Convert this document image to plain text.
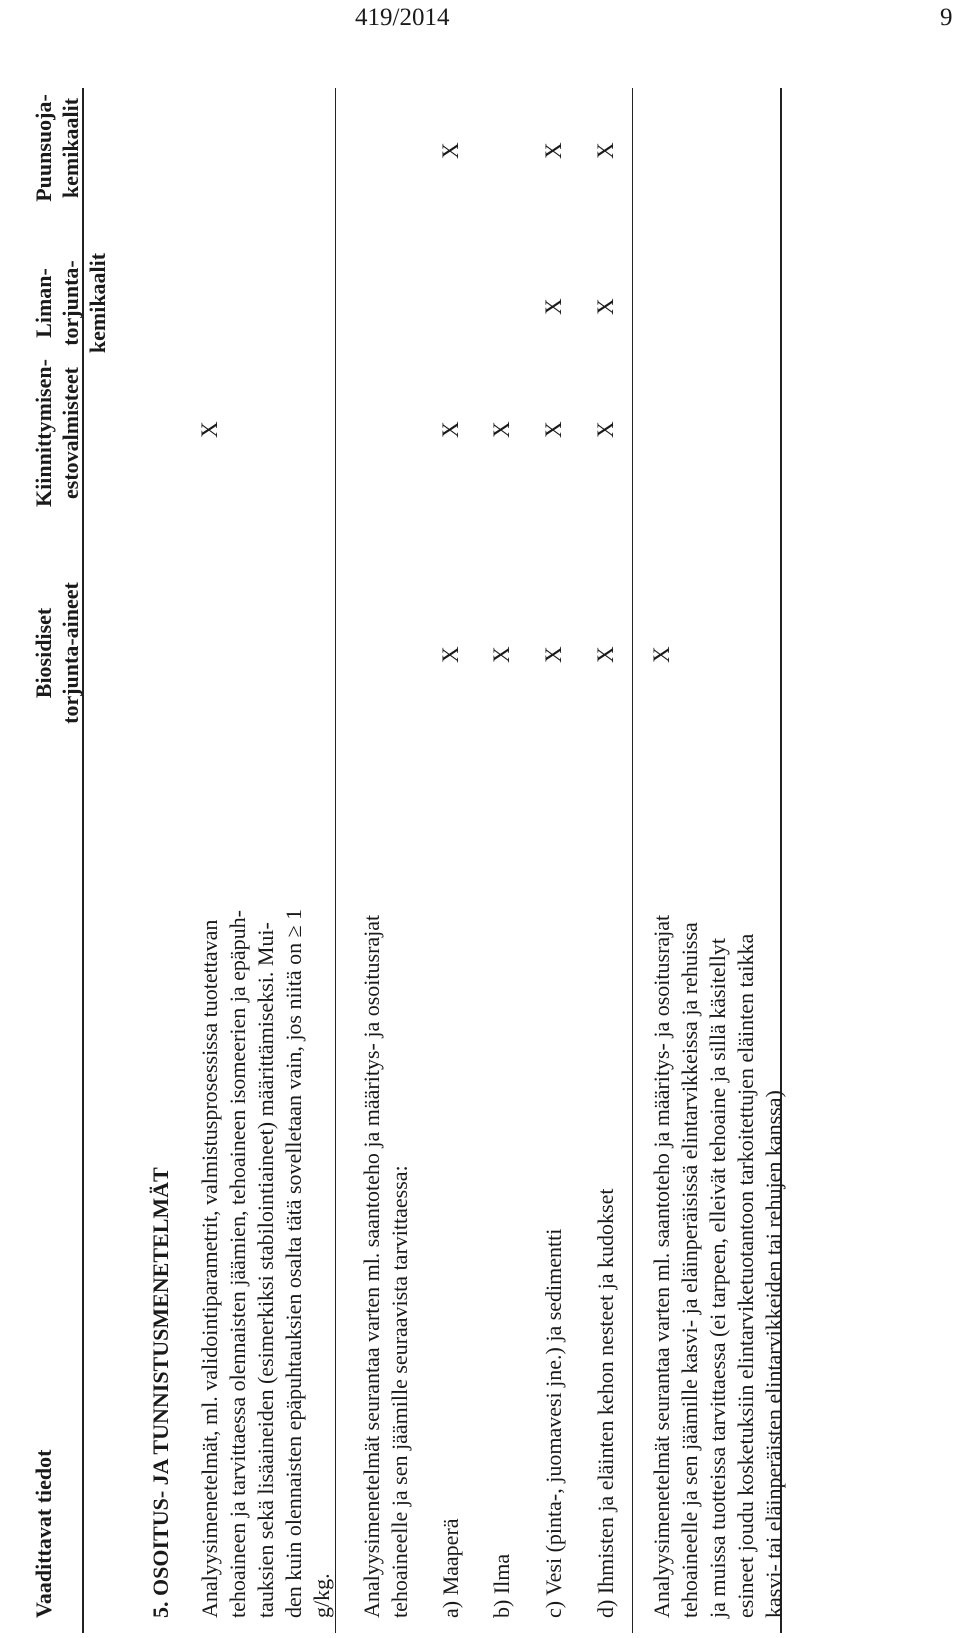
419/2014	9
Vaadittavat tiedot
Biosidiset torjunta-aineet
Kiinnittymisen- estovalmisteet
Liman- torjunta- kemikaalit
Puunsuoja- kemikaalit
5. OSOITUS- JA TUNNISTUSMENETELMÄT Analyysimenetelmät, ml. validointiparametrit, valmistusprosessissa tuotettavan tehoaineen ja tarvittaessa olennaisten jäämien, tehoaineen isomeerien ja epäpuh- tauksien sekä lisäaineiden (esimerkiksi stabilointiaineet) määrittämiseksi. Mui- den kuin olennaisten epäpuhtauksien osalta tätä sovelletaan vain, jos niitä on ≥ 1 g/kg.
X
Analyysimenetelmät seurantaa varten ml. saantoteho ja määritys- ja osoitusrajat tehoaineelle ja sen jäämille seuraavista tarvittaessa: a) Maaperä
X
X
X
b) Ilma
X
X
c) Vesi (pinta-, juomavesi jne.) ja sedimentti
X
X
X
X
d) Ihmisten ja eläinten kehon nesteet ja kudokset
X
X
X
X
Analyysimenetelmät seurantaa varten ml. saantoteho ja määritys- ja osoitusrajat tehoaineelle ja sen jäämille kasvi- ja eläinperäisissä elintarvikkeissa ja rehuissa ja muissa tuotteissa tarvittaessa (ei tarpeen, elleivät tehoaine ja sillä käsitellyt esineet joudu kosketuksiin elintarviketuotantoon tarkoitettujen eläinten taikka kasvi- tai eläinperäisten elintarvikkeiden tai rehujen kanssa)
X
